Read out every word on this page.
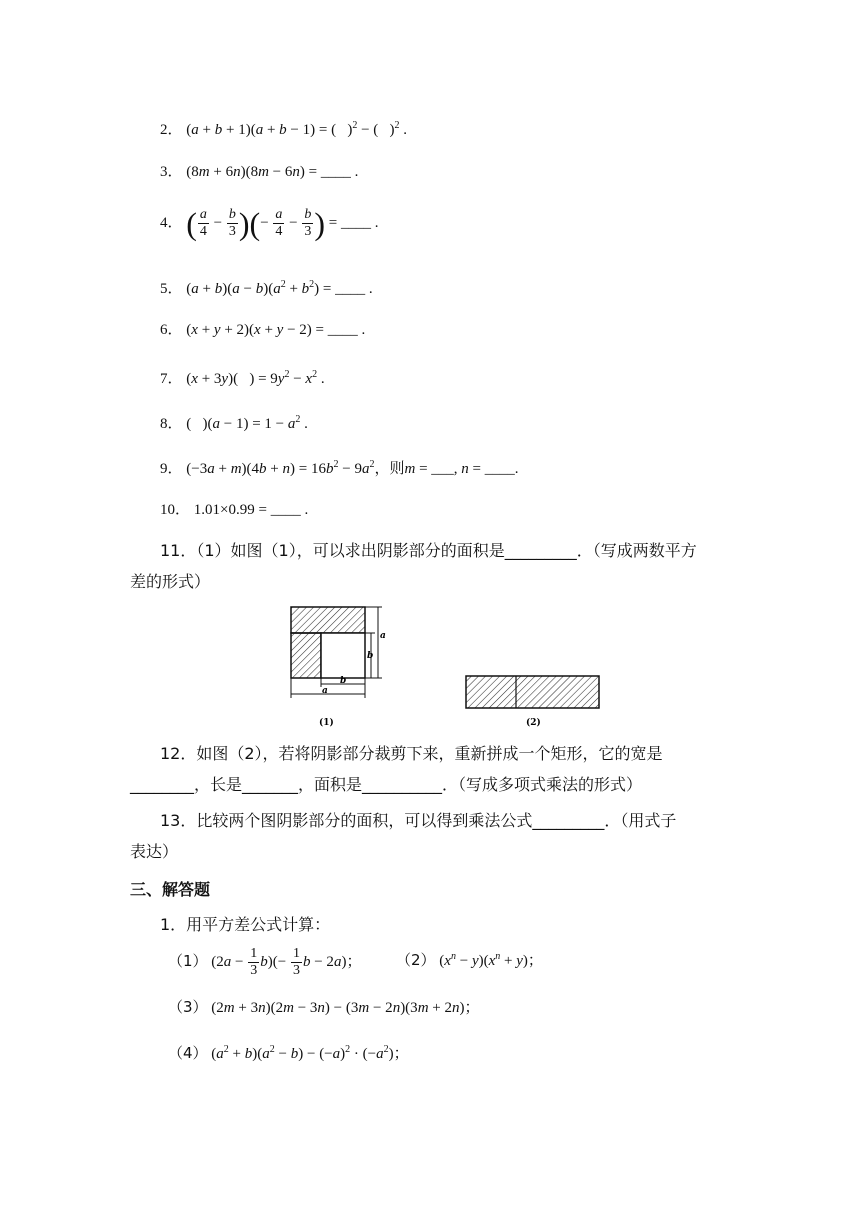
2． (a + b + 1)(a + b − 1) = (   )$^2$ − (   )$^2$ .
3． (8m + 6n)(8m − 6n) = ____ .
4． ( $\frac{a}{4} - \frac{b}{3}$ )(− $\frac{a}{4} - \frac{b}{3}$ ) = ____ .
5． $(a + b)(a - b)(a^2 + b^2)$ = ____ .
6． (x + y + 2)(x + y − 2) = ____ .
7． (x + 3y)(   ) = $9y^2 - x^2$ .
8． (   )$(a - 1) = 1 - a^2$ .
9． $(-3a + m)(4b + n) = 16b^2 - 9a^2$，则m = ___, n = ____.
10． 1.01×0.99 = ____ .
11．（1）如图（1），可以求出阴影部分的面积是_________．（写成两数平方
差的形式）
a
b
b
a
(1)	(2)
12．如图（2），若将阴影部分裁剪下来，重新拼成一个矩形，它的宽是
________，长是_______，面积是__________．（写成多项式乘法的形式）
13．比较两个图阴影部分的面积，可以得到乘法公式_________．（用式子
表达）
三、解答题
1．用平方差公式计算：
（1） $(2a - \frac{1}{3} b)(- \frac{1}{3}$ b − 2a)； （2） $(x^n - y)(x^n + y)$；
（3） (2m + 3n)(2m − 3n) − (3m − 2n)(3m + 2n)；
（4） $(a^2 + b)(a^2 - b) - (-a)^2 \cdot (-a^2)$；
